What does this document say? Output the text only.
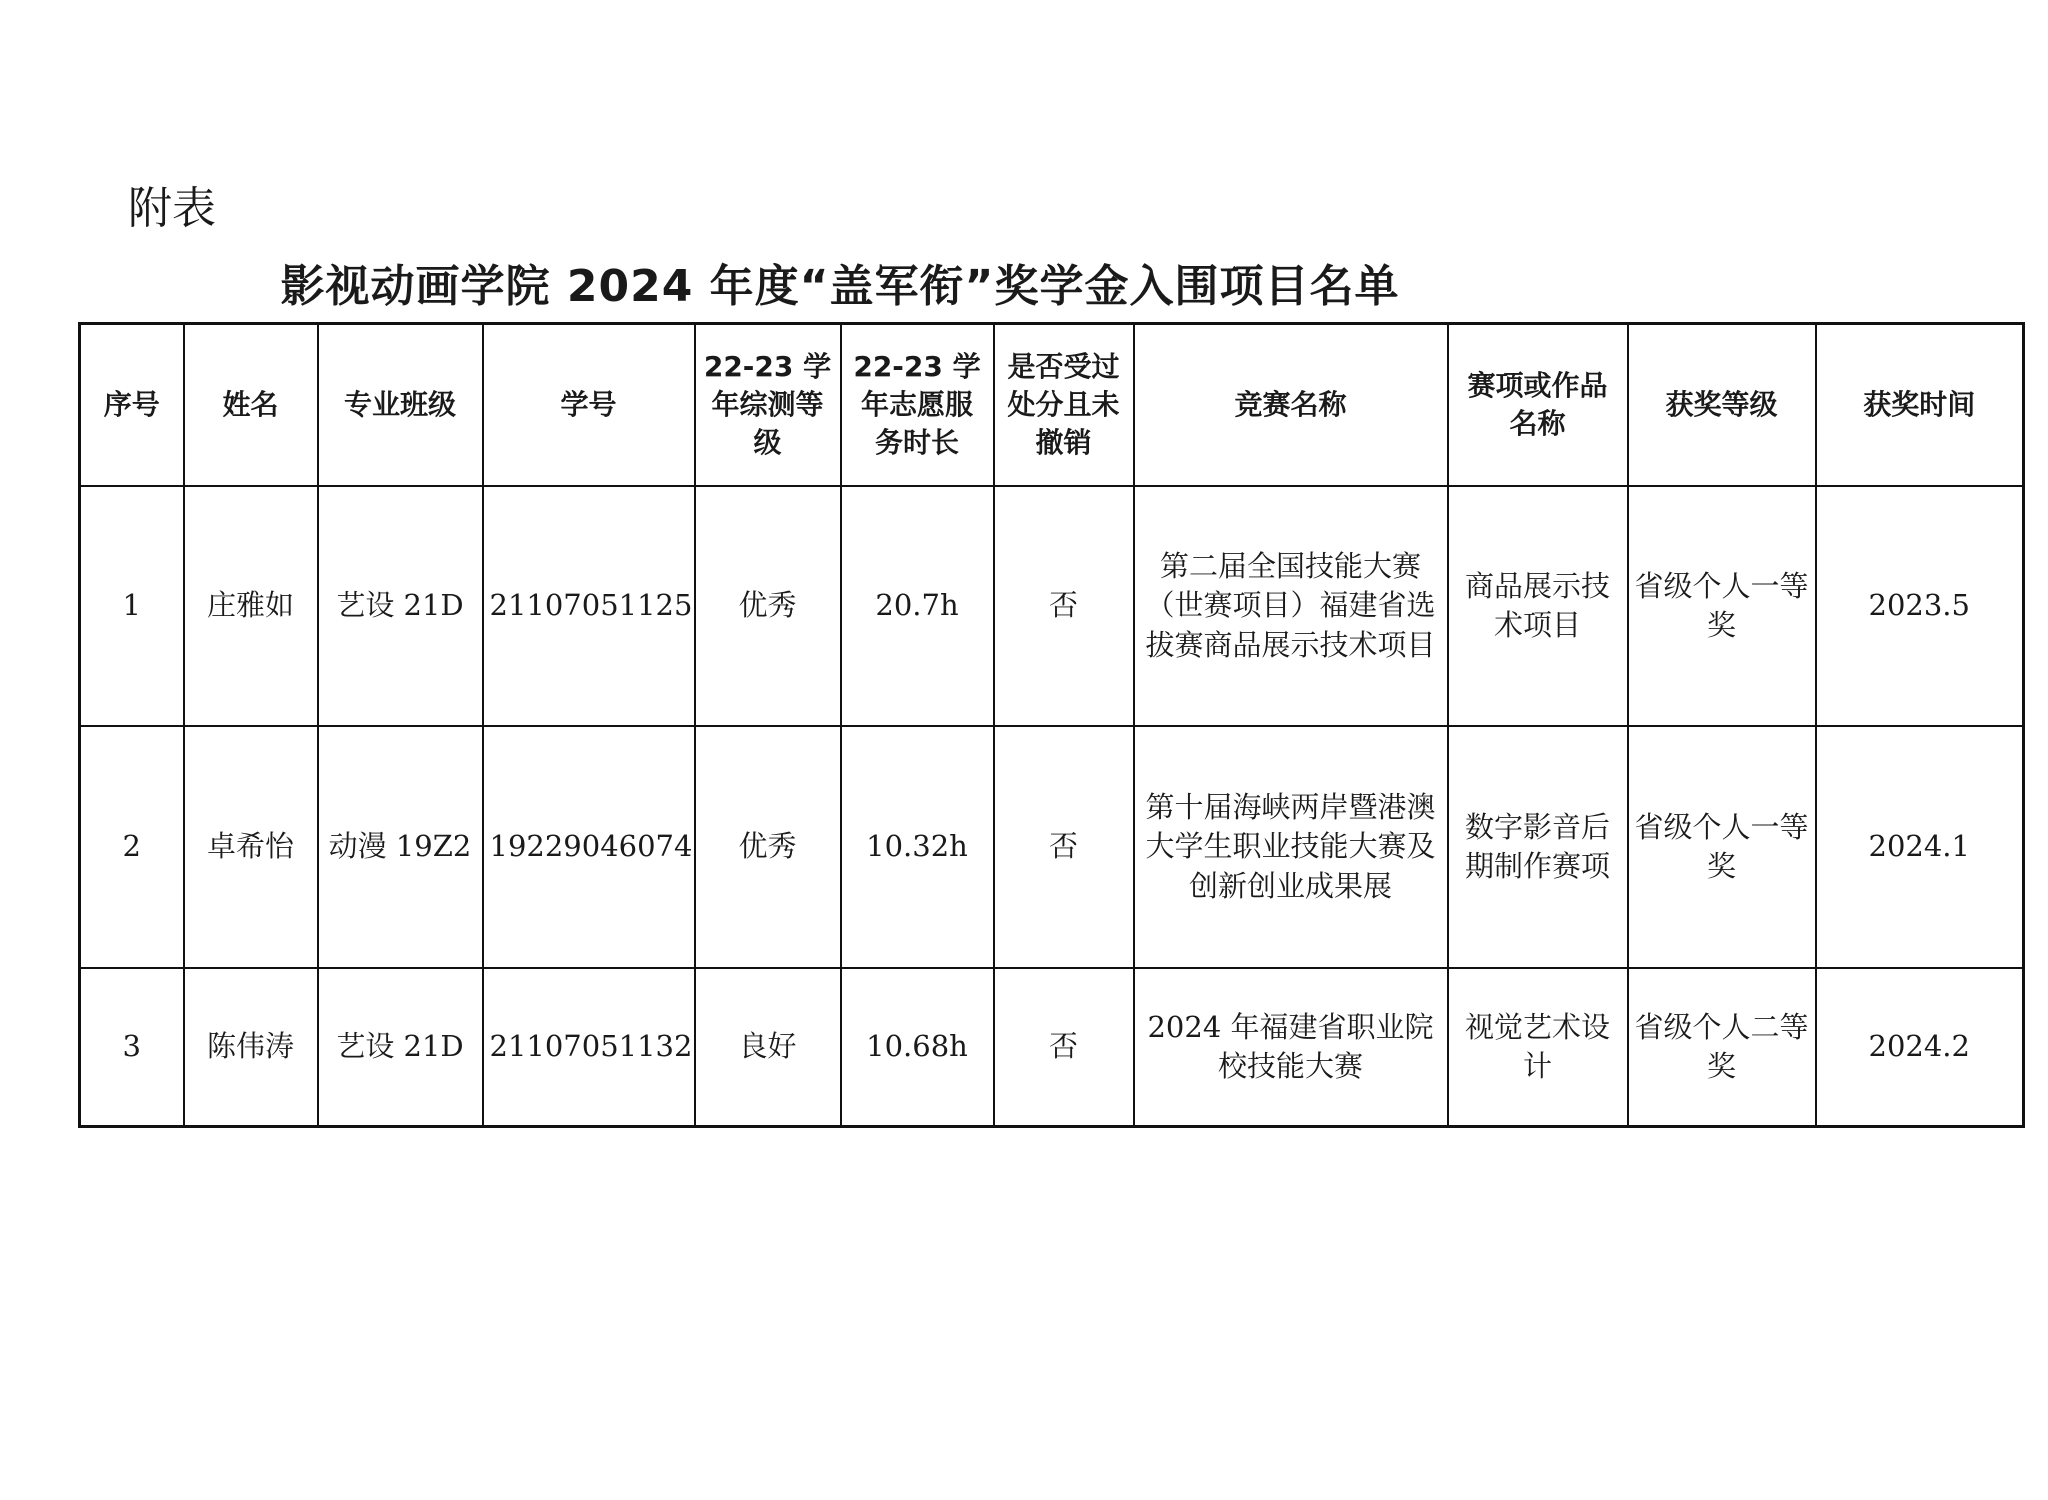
附表
影视动画学院 2024 年度“盖军衔”奖学金入围项目名单
序号	姓名	专业班级	学号	22-23 学年综测等级	22-23 学年志愿服务时长	是否受过处分且未撤销	竞赛名称	赛项或作品名称	获奖等级	获奖时间
1	庄雅如	艺设 21D	21107051125	优秀	20.7h	否	第二届全国技能大赛（世赛项目）福建省选拔赛商品展示技术项目	商品展示技术项目	省级个人一等奖	2023.5
2	卓希怡	动漫 19Z2	19229046074	优秀	10.32h	否	第十届海峡两岸暨港澳大学生职业技能大赛及创新创业成果展	数字影音后期制作赛项	省级个人一等奖	2024.1
3	陈伟涛	艺设 21D	21107051132	良好	10.68h	否	2024 年福建省职业院校技能大赛	视觉艺术设计	省级个人二等奖	2024.2
